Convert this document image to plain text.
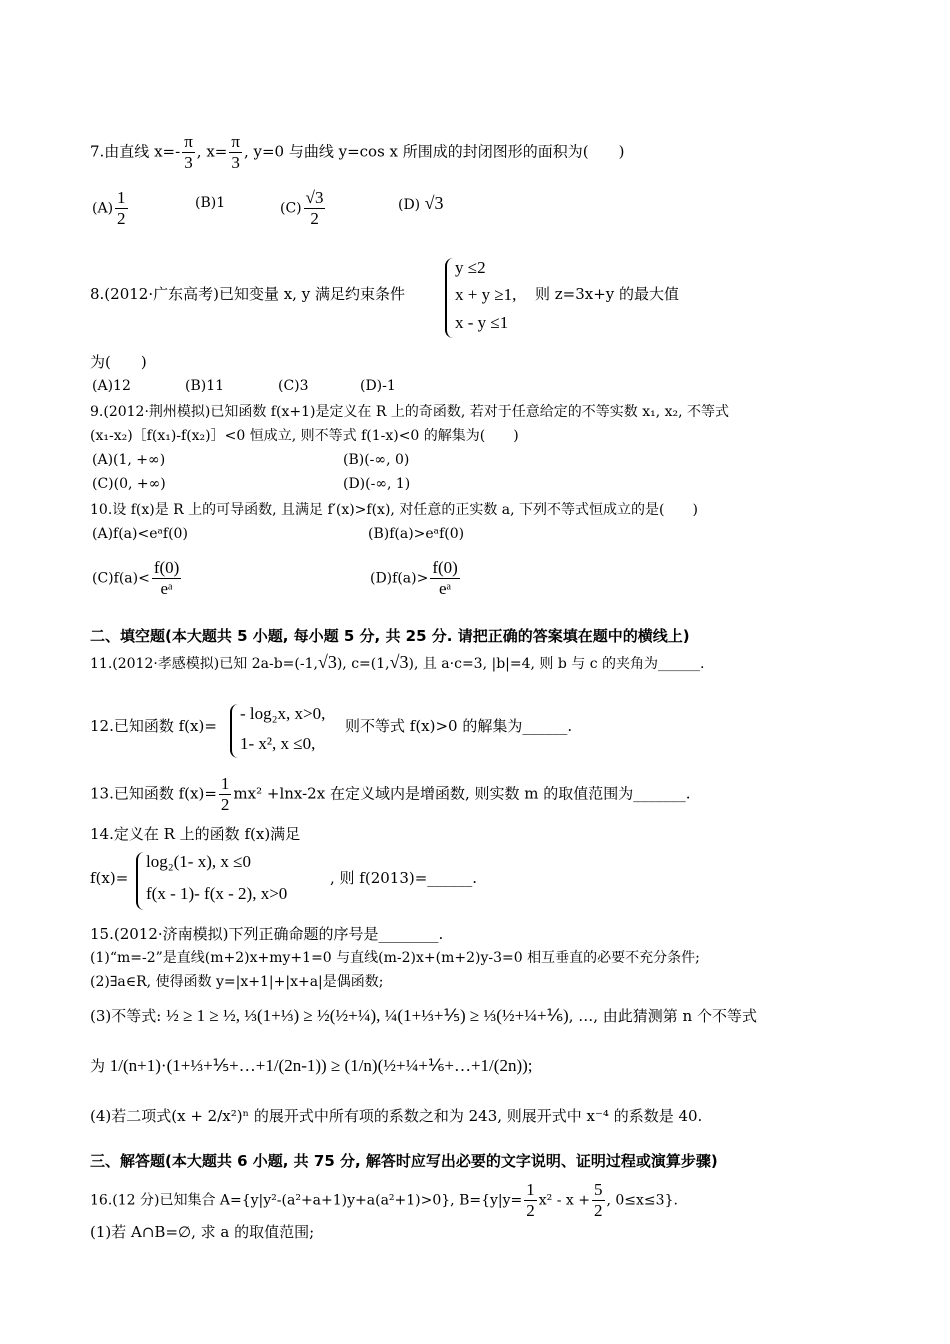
7.由直线 $x=- \frac{\pi}{3}$ , $x= \frac{\pi}{3}$ , y=0 与曲线 y=cos x 所围成的封闭图形的面积为(　　)
$(A) \frac{1}{2}$	(B)1	$(C) \frac{√3}{2}$	(D) √3
8.(2012·广东高考)已知变量 x, y 满足约束条件
y ≤2
x + y ≥1,
x - y ≤1
则 z=3x+y 的最大值
为(　　)
(A)12	(B)11	(C)3	(D)-1
9.(2012·荆州模拟)已知函数 f(x+1)是定义在 R 上的奇函数, 若对于任意给定的不等实数 x₁, x₂, 不等式
(x₁-x₂)［f(x₁)-f(x₂)］<0 恒成立, 则不等式 f(1-x)<0 的解集为(　　)
(A)(1, +∞)	(B)(-∞, 0)
(C)(0, +∞)	(D)(-∞, 1)
10.设 f(x)是 R 上的可导函数, 且满足 f′(x)>f(x), 对任意的正实数 a, 下列不等式恒成立的是(　　)
(A)f(a)<eᵃf(0)	(B)f(a)>eᵃf(0)
$(C)f(a)< \frac{f(0)}{\text{eᵃ}}$	$(D)f(a)> \frac{f(0)}{\text{eᵃ}}$
二、填空题(本大题共 5 小题, 每小题 5 分, 共 25 分. 请把正确的答案填在题中的横线上)
11.(2012·孝感模拟)已知 2a-b=(-1,√3), c=(1,√3), 且 a·c=3, |b|=4, 则 b 与 c 的夹角为______.
12.已知函数 f(x)=
- log₂x, x>0,
1- x², x ≤0,
则不等式 f(x)>0 的解集为______.
13.已知函数 $f(x)= \frac{1}{2} mx^2 +\ln x-2x$ 在定义域内是增函数, 则实数 m 的取值范围为_______.
14.定义在 R 上的函数 f(x)满足
f(x)=
log₂(1- x), x ≤0
f(x - 1)- f(x - 2), x>0
, 则 f(2013)=______.
15.(2012·济南模拟)下列正确命题的序号是________.
(1)“m=-2”是直线(m+2)x+my+1=0 与直线(m-2)x+(m+2)y-3=0 相互垂直的必要不充分条件;
(2)∃a∈R, 使得函数 y=|x+1|+|x+a|是偶函数;
(3)不等式: ½ ≥ 1 ≥ ½, ⅓(1+⅓) ≥ ½(½+¼), ¼(1+⅓+⅕) ≥ ⅓(½+¼+⅙), …, 由此猜测第 n 个不等式
为 1/(n+1)·(1+⅓+⅕+…+1/(2n-1)) ≥ (1/n)(½+¼+⅙+…+1/(2n));
(4)若二项式(x + 2/x²)ⁿ 的展开式中所有项的系数之和为 243, 则展开式中 x⁻⁴ 的系数是 40.
三、解答题(本大题共 6 小题, 共 75 分, 解答时应写出必要的文字说明、证明过程或演算步骤)
16.(12 分)已知集合 A={y|y²-(a²+a+1)y+a(a²+1)>0}, $B=\{y|y= \frac{1}{2} x^2 - x + \frac{5}{2}$ , 0≤x≤3}.
(1)若 A∩B=∅, 求 a 的取值范围;
